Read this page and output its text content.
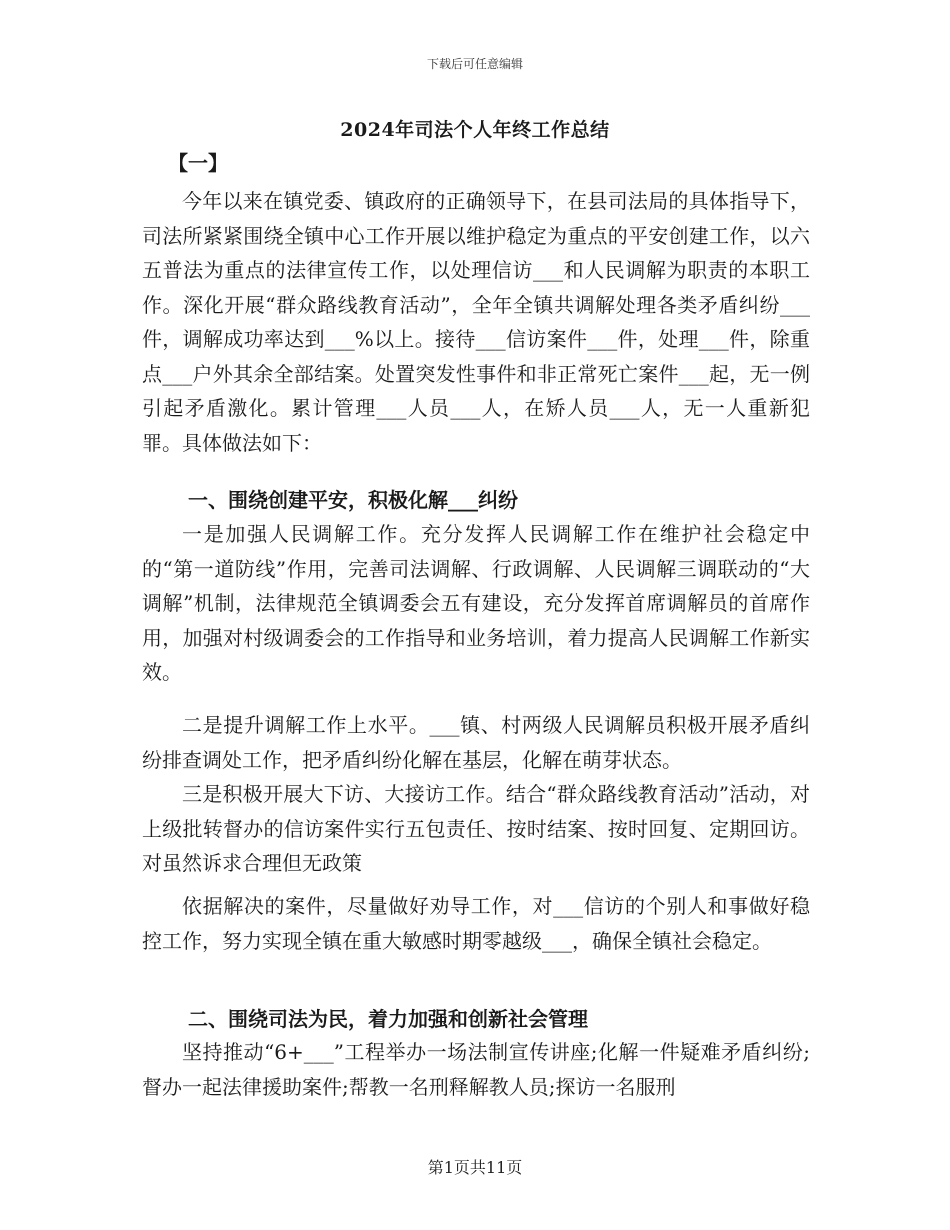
下载后可任意编辑
2024年司法个人年终工作总结
【一】

今年以来在镇党委、镇政府的正确领导下，在县司法局的具体指导下，司法所紧紧围绕全镇中心工作开展以维护稳定为重点的平安创建工作，以六五普法为重点的法律宣传工作，以处理信访___和人民调解为职责的本职工作。深化开展“群众路线教育活动”，全年全镇共调解处理各类矛盾纠纷___件，调解成功率达到___%以上。接待___信访案件___件，处理___件，除重点___户外其余全部结案。处置突发性事件和非正常死亡案件___起，无一例引起矛盾激化。累计管理___人员___人，在矫人员___人，无一人重新犯罪。具体做法如下：

一、围绕创建平安，积极化解___纠纷

一是加强人民调解工作。充分发挥人民调解工作在维护社会稳定中的“第一道防线”作用，完善司法调解、行政调解、人民调解三调联动的“大调解”机制，法律规范全镇调委会五有建设，充分发挥首席调解员的首席作用，加强对村级调委会的工作指导和业务培训，着力提高人民调解工作新实效。

二是提升调解工作上水平。___镇、村两级人民调解员积极开展矛盾纠纷排查调处工作，把矛盾纠纷化解在基层，化解在萌芽状态。

三是积极开展大下访、大接访工作。结合“群众路线教育活动”活动，对上级批转督办的信访案件实行五包责任、按时结案、按时回复、定期回访。对虽然诉求合理但无政策

依据解决的案件，尽量做好劝导工作，对___信访的个别人和事做好稳控工作，努力实现全镇在重大敏感时期零越级___，确保全镇社会稳定。

二、围绕司法为民，着力加强和创新社会管理

坚持推动“6+___”工程举办一场法制宣传讲座;化解一件疑难矛盾纠纷;督办一起法律援助案件;帮教一名刑释解教人员;探访一名服刑

第1页共11页
